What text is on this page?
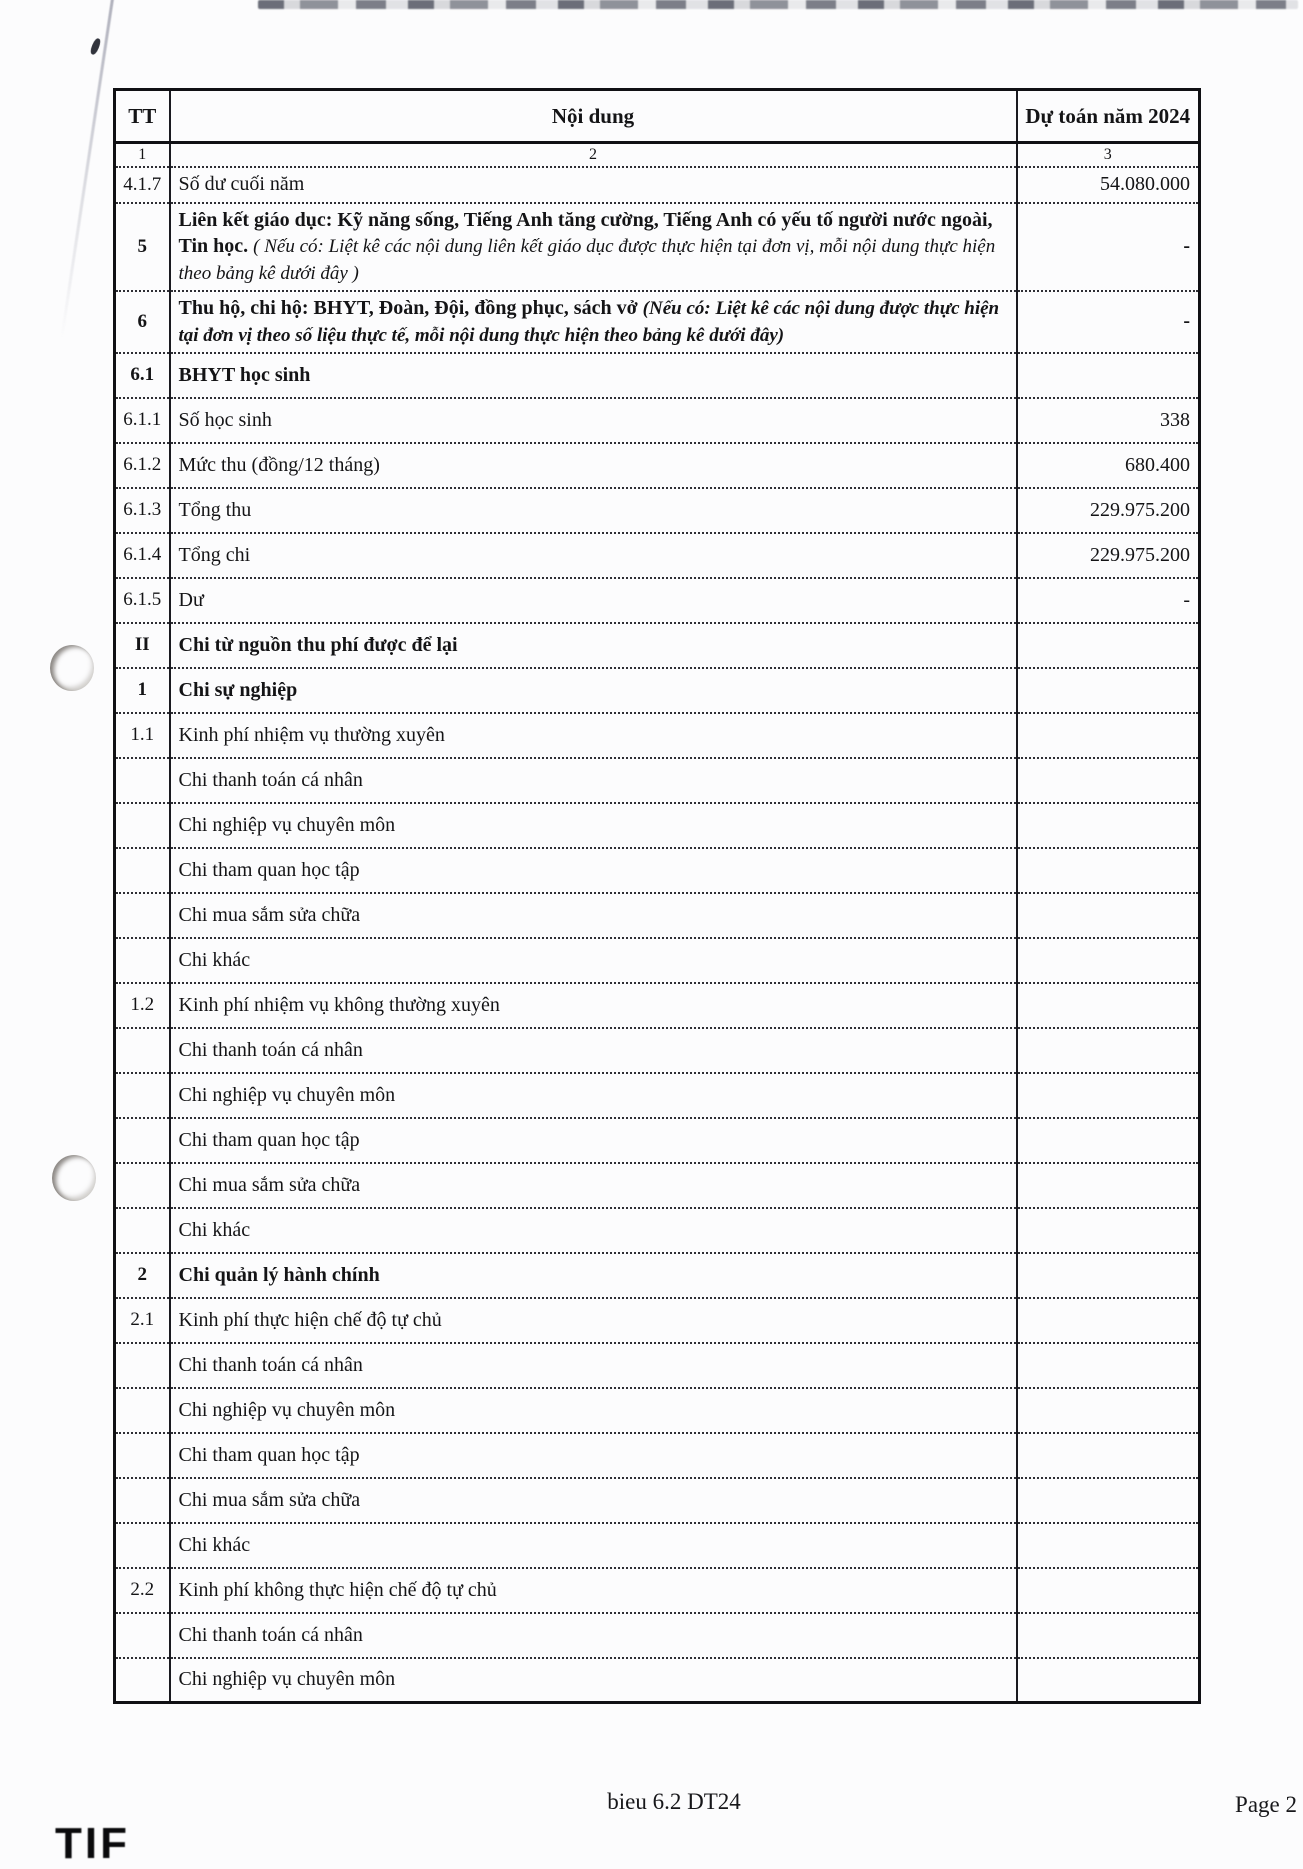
TIF
TT	Nội dung	Dự toán năm 2024
1	2	3
4.1.7	Số dư cuối năm	54.080.000
5	Liên kết giáo dục: Kỹ năng sống, Tiếng Anh tăng cường, Tiếng Anh có yếu tố người nước ngoài, Tin học. ( Nếu có: Liệt kê các nội dung liên kết giáo dục được thực hiện tại đơn vị, mỗi nội dung thực hiện theo bảng kê dưới đây )	-
6	Thu hộ, chi hộ: BHYT, Đoàn, Đội, đồng phục, sách vở (Nếu có: Liệt kê các nội dung được thực hiện tại đơn vị theo số liệu thực tế, mỗi nội dung thực hiện theo bảng kê dưới đây)	-
6.1	BHYT học sinh	
6.1.1	Số học sinh	338
6.1.2	Mức thu (đồng/12 tháng)	680.400
6.1.3	Tổng thu	229.975.200
6.1.4	Tổng chi	229.975.200
6.1.5	Dư	-
II	Chi từ nguồn thu phí được để lại	
1	Chi sự nghiệp	
1.1	Kinh phí nhiệm vụ thường xuyên	
	Chi thanh toán cá nhân	
	Chi nghiệp vụ chuyên môn	
	Chi tham quan học tập	
	Chi mua sắm sửa chữa	
	Chi khác	
1.2	Kinh phí nhiệm vụ không thường xuyên	
	Chi thanh toán cá nhân	
	Chi nghiệp vụ chuyên môn	
	Chi tham quan học tập	
	Chi mua sắm sửa chữa	
	Chi khác	
2	Chi quản lý hành chính	
2.1	Kinh phí thực hiện chế độ tự chủ	
	Chi thanh toán cá nhân	
	Chi nghiệp vụ chuyên môn	
	Chi tham quan học tập	
	Chi mua sắm sửa chữa	
	Chi khác	
2.2	Kinh phí không thực hiện chế độ tự chủ	
	Chi thanh toán cá nhân	
	Chi nghiệp vụ chuyên môn	
bieu 6.2 DT24	Page 2
